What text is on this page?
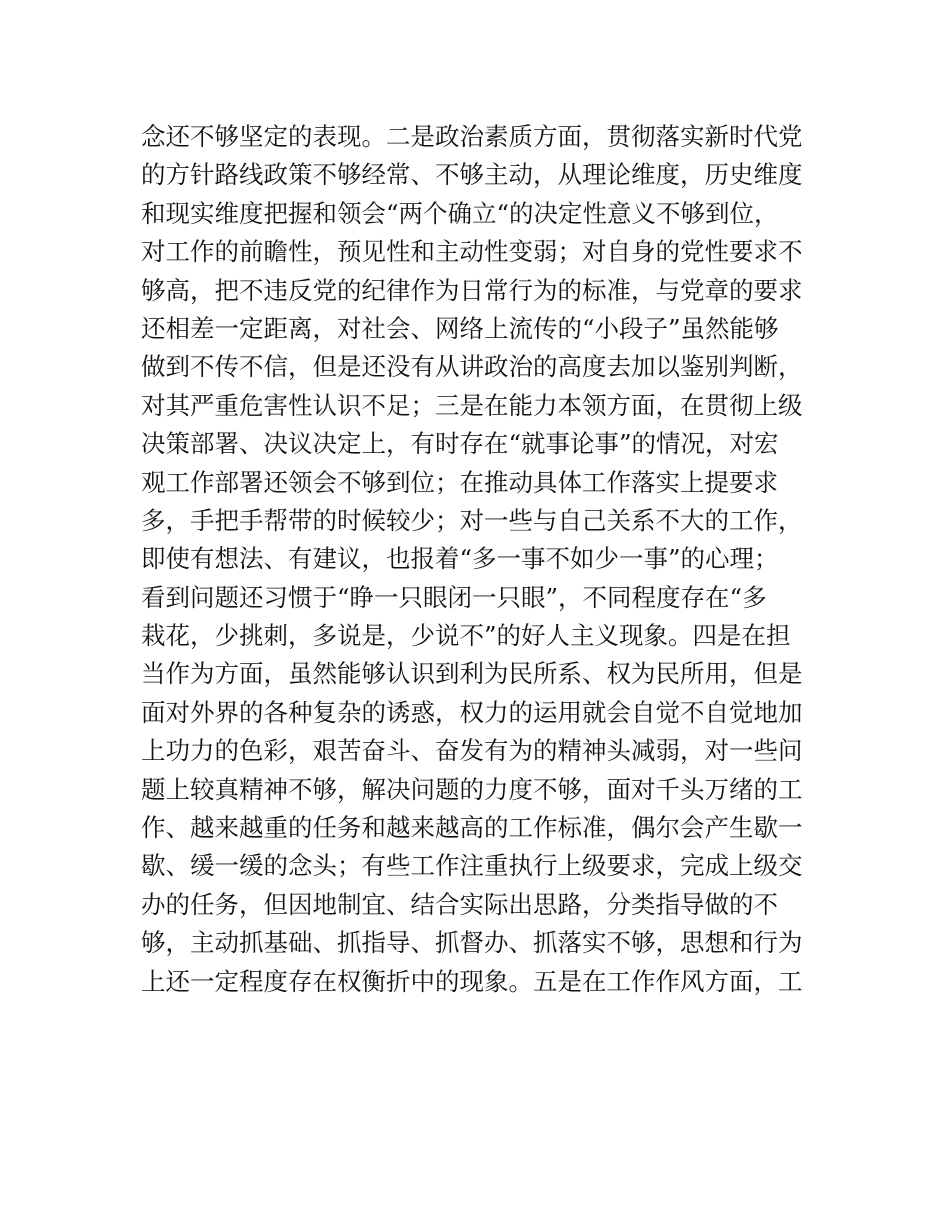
念还不够坚定的表现。二是政治素质方面，贯彻落实新时代党
的方针路线政策不够经常、不够主动，从理论维度，历史维度
和现实维度把握和领会“两个确立“的决定性意义不够到位，
对工作的前瞻性，预见性和主动性变弱；对自身的党性要求不
够高，把不违反党的纪律作为日常行为的标准，与党章的要求
还相差一定距离，对社会、网络上流传的“小段子”虽然能够
做到不传不信，但是还没有从讲政治的高度去加以鉴别判断，
对其严重危害性认识不足；三是在能力本领方面，在贯彻上级
决策部署、决议决定上，有时存在“就事论事”的情况，对宏
观工作部署还领会不够到位；在推动具体工作落实上提要求
多，手把手帮带的时候较少；对一些与自己关系不大的工作，
即使有想法、有建议，也报着“多一事不如少一事”的心理；
看到问题还习惯于“睁一只眼闭一只眼”，不同程度存在“多
栽花，少挑刺，多说是，少说不”的好人主义现象。四是在担
当作为方面，虽然能够认识到利为民所系、权为民所用，但是
面对外界的各种复杂的诱惑，权力的运用就会自觉不自觉地加
上功力的色彩，艰苦奋斗、奋发有为的精神头减弱，对一些问
题上较真精神不够，解决问题的力度不够，面对千头万绪的工
作、越来越重的任务和越来越高的工作标准，偶尔会产生歇一
歇、缓一缓的念头；有些工作注重执行上级要求，完成上级交
办的任务，但因地制宜、结合实际出思路，分类指导做的不
够，主动抓基础、抓指导、抓督办、抓落实不够，思想和行为
上还一定程度存在权衡折中的现象。五是在工作作风方面，工
